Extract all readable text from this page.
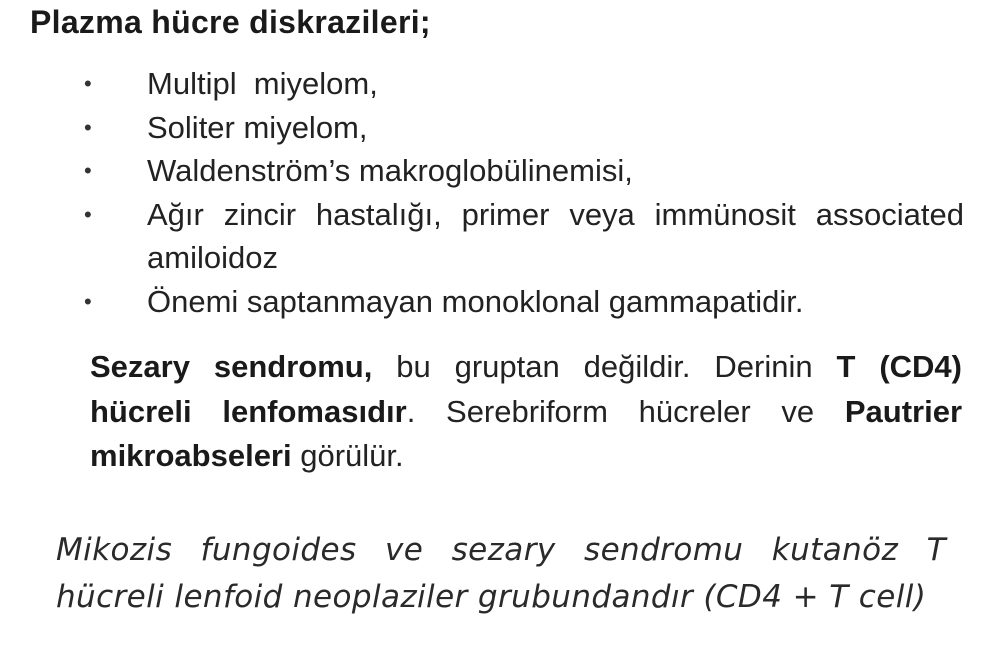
Plazma hücre diskrazileri;
• Multipl  miyelom,
• Soliter miyelom,
• Waldenström’s makroglobülinemisi,
• Ağır zincir hastalığı, primer veya immünosit associated amiloidoz
• Önemi saptanmayan monoklonal gammapatidir.

Sezary sendromu, bu gruptan değildir. Derinin T (CD4) hücreli lenfomasıdır. Serebriform hücreler ve Pautrier mikroabseleri görülür.

Mikozis fungoides ve sezary sendromu kutanöz T
hücreli lenfoid neoplaziler grubundandır (CD4 + T cell)
